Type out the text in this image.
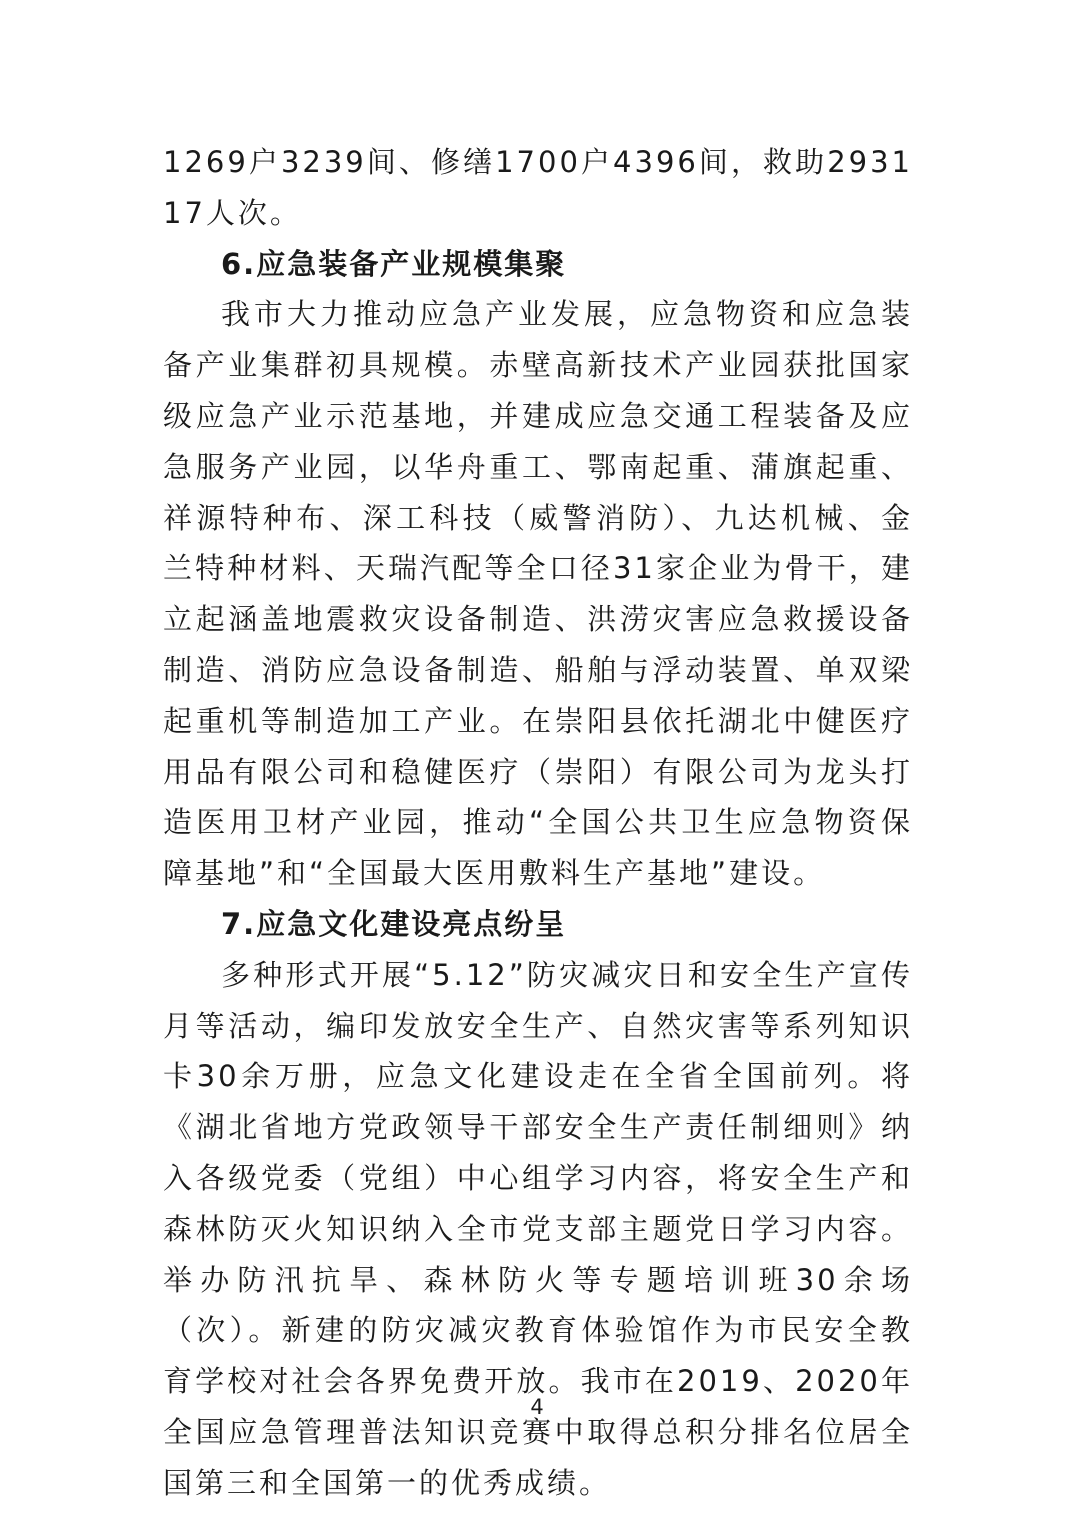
1269户3239间、修缮1700户4396间，救助293117人次。

6.应急装备产业规模集聚

我市大力推动应急产业发展，应急物资和应急装备产业集群初具规模。赤壁高新技术产业园获批国家级应急产业示范基地，并建成应急交通工程装备及应急服务产业园，以华舟重工、鄂南起重、蒲旗起重、祥源特种布、深工科技（威警消防）、九达机械、金兰特种材料、天瑞汽配等全口径31家企业为骨干，建立起涵盖地震救灾设备制造、洪涝灾害应急救援设备制造、消防应急设备制造、船舶与浮动装置、单双梁起重机等制造加工产业。在崇阳县依托湖北中健医疗用品有限公司和稳健医疗（崇阳）有限公司为龙头打造医用卫材产业园，推动“全国公共卫生应急物资保障基地”和“全国最大医用敷料生产基地”建设。

7.应急文化建设亮点纷呈

多种形式开展“5.12”防灾减灾日和安全生产宣传月等活动，编印发放安全生产、自然灾害等系列知识卡30余万册，应急文化建设走在全省全国前列。将《湖北省地方党政领导干部安全生产责任制细则》纳入各级党委（党组）中心组学习内容，将安全生产和森林防灭火知识纳入全市党支部主题党日学习内容。举办防汛抗旱、森林防火等专题培训班30余场（次）。新建的防灾减灾教育体验馆作为市民安全教育学校对社会各界免费开放。我市在2019、2020年全国应急管理普法知识竞赛中取得总积分排名位居全国第三和全国第一的优秀成绩。

4
